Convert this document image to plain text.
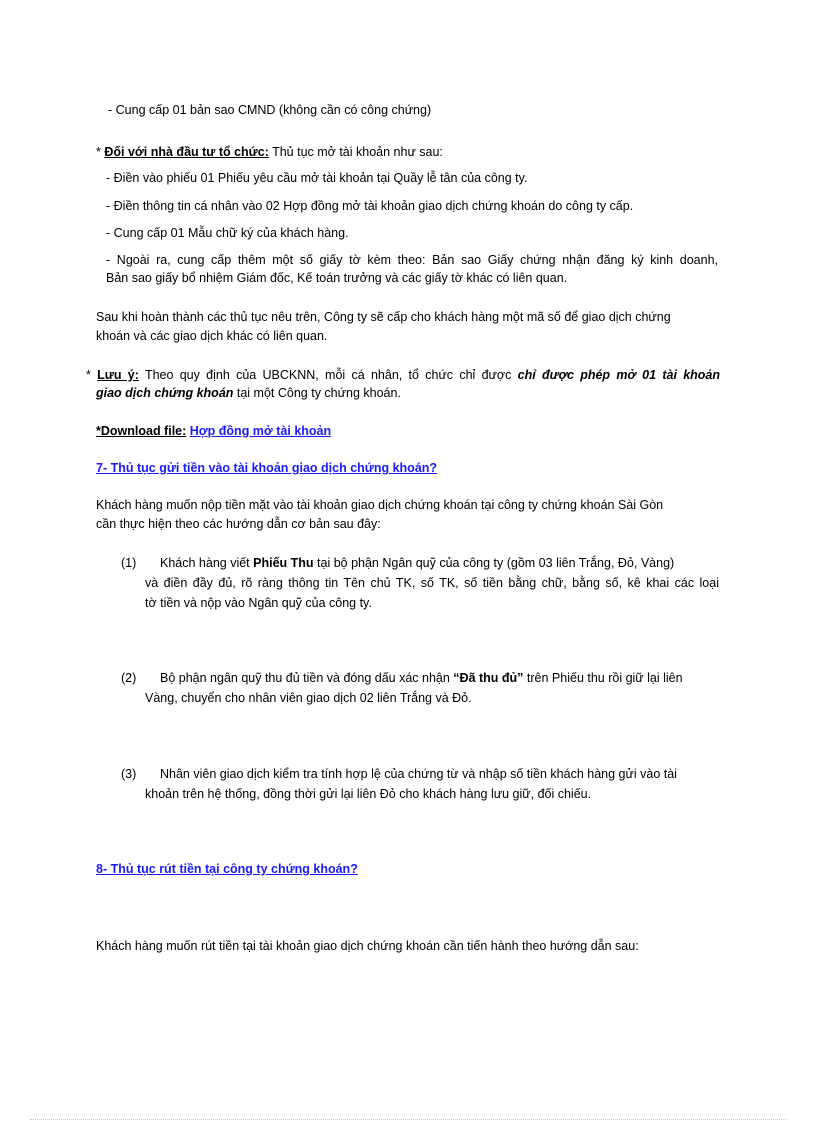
- Cung cấp 01 bản sao CMND (không cần có công chứng)
* Đối với nhà đầu tư tổ chức: Thủ tục mở tài khoản như sau:
- Điền vào phiếu 01 Phiếu yêu cầu mở tài khoản tại Quầy lễ tân của công ty.
- Điền thông tin cá nhân vào 02 Hợp đồng mở tài khoản giao dịch chứng khoán do công ty cấp.
- Cung cấp 01 Mẫu chữ ký của khách hàng.
- Ngoài ra, cung cấp thêm một số giấy tờ kèm theo: Bản sao Giấy chứng nhận đăng ký kinh doanh,
Bản sao giấy bổ nhiệm Giám đốc, Kế toán trưởng và các giấy tờ khác có liên quan.
Sau khi hoàn thành các thủ tục nêu trên, Công ty sẽ cấp cho khách hàng một mã số để giao dịch chứng
khoán và các giao dịch khác có liên quan.
* Lưu ý: Theo quy định của UBCKNN, mỗi cá nhân, tổ chức chỉ được chỉ được phép mở 01 tài khoản
giao dịch chứng khoán tại một Công ty chứng khoán.
*Download file: Hợp đồng mở tài khoản
7- Thủ tục gửi tiền vào tài khoản giao dịch chứng khoán?
Khách hàng muốn nộp tiền mặt vào tài khoản giao dịch chứng khoán tại công ty chứng khoán Sài Gòn
cần thực hiện theo các hướng dẫn cơ bản sau đây:
(1) Khách hàng viết Phiếu Thu tại bộ phận Ngân quỹ của công ty (gồm 03 liên Trắng, Đỏ, Vàng)
và điền đầy đủ, rõ ràng thông tin Tên chủ TK, số TK, số tiền bằng chữ, bằng số, kê khai các loại
tờ tiền và nộp vào Ngân quỹ của công ty.
(2) Bộ phận ngân quỹ thu đủ tiền và đóng dấu xác nhận “Đã thu đủ” trên Phiếu thu rồi giữ lại liên
Vàng, chuyển cho nhân viên giao dịch 02 liên Trắng và Đỏ.
(3) Nhân viên giao dịch kiểm tra tính hợp lệ của chứng từ và nhập số tiền khách hàng gửi vào tài
khoản trên hệ thống, đồng thời gửi lại liên Đỏ cho khách hàng lưu giữ, đối chiếu.
8- Thủ tục rút tiền tại công ty chứng khoán?
Khách hàng muốn rút tiền tại tài khoản giao dịch chứng khoán cần tiến hành theo hướng dẫn sau:
